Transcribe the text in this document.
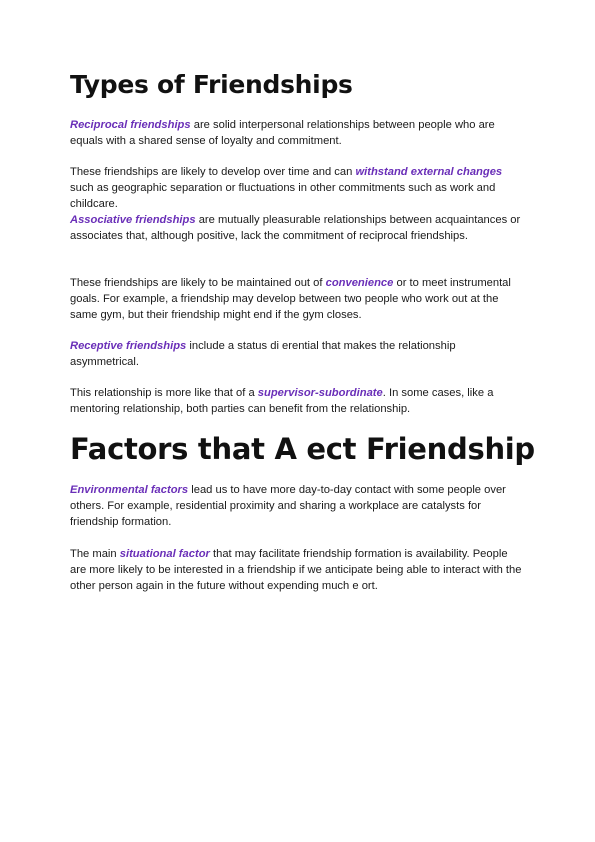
Types of Friendships

Reciprocal friendships are solid interpersonal relationships between people who are equals with a shared sense of loyalty and commitment.

These friendships are likely to develop over time and can withstand external changes such as geographic separation or fluctuations in other commitments such as work and childcare.

Associative friendships are mutually pleasurable relationships between acquaintances or associates that, although positive, lack the commitment of reciprocal friendships.

These friendships are likely to be maintained out of convenience or to meet instrumental goals. For example, a friendship may develop between two people who work out at the same gym, but their friendship might end if the gym closes.

Receptive friendships include a status di erential that makes the relationship asymmetrical.

This relationship is more like that of a supervisor-subordinate. In some cases, like a mentoring relationship, both parties can benefit from the relationship.

Factors that A ect Friendship

Environmental factors lead us to have more day-to-day contact with some people over others. For example, residential proximity and sharing a workplace are catalysts for friendship formation.

The main situational factor that may facilitate friendship formation is availability. People are more likely to be interested in a friendship if we anticipate being able to interact with the other person again in the future without expending much e ort.
